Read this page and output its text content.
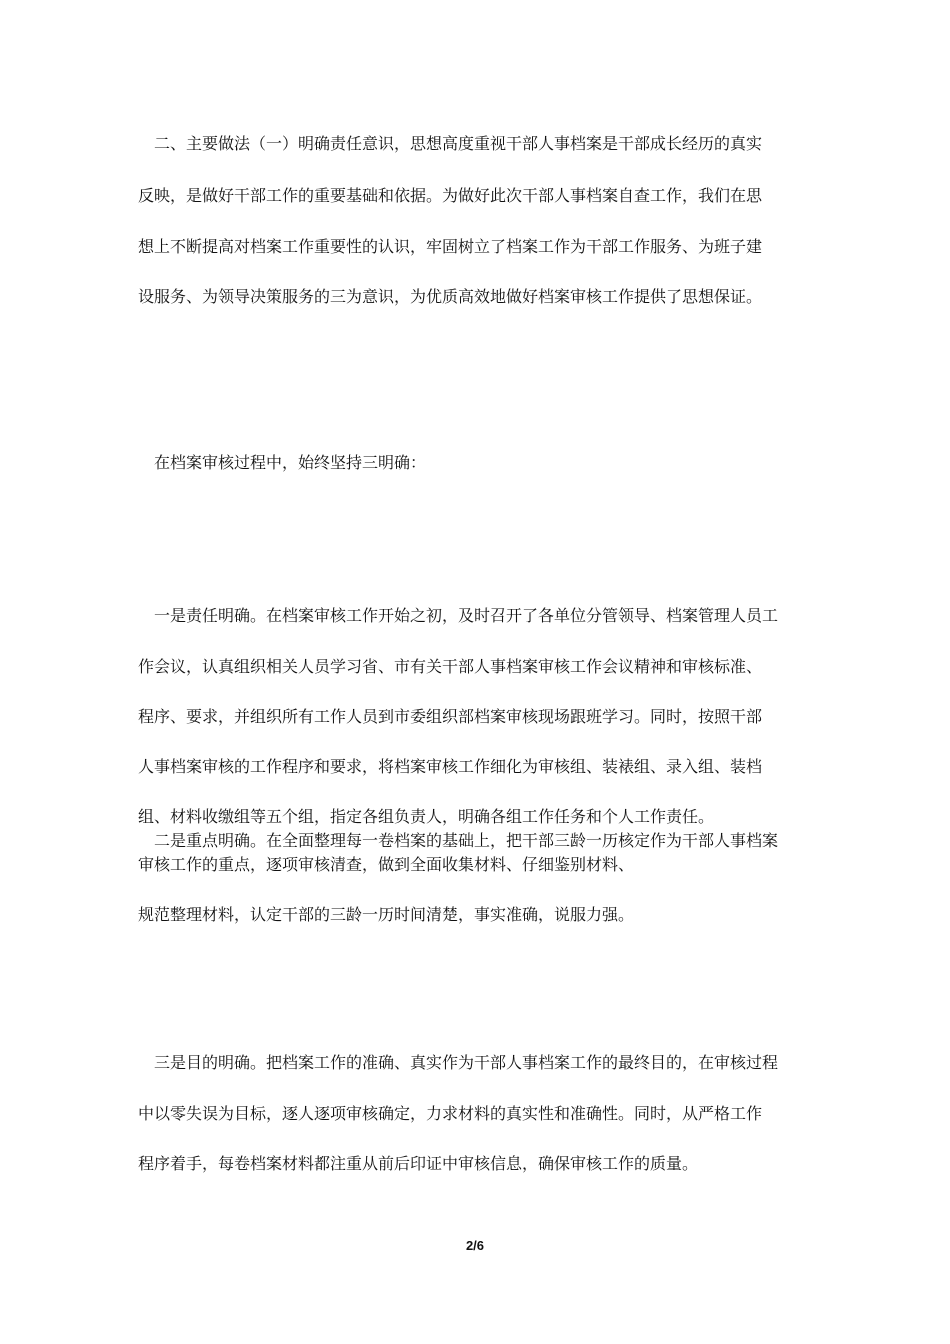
　二、主要做法（一）明确责任意识，思想高度重视干部人事档案是干部成长经历的真实
反映，是做好干部工作的重要基础和依据。为做好此次干部人事档案自查工作，我们在思
想上不断提高对档案工作重要性的认识，牢固树立了档案工作为干部工作服务、为班子建
设服务、为领导决策服务的三为意识，为优质高效地做好档案审核工作提供了思想保证。
　在档案审核过程中，始终坚持三明确：
　一是责任明确。在档案审核工作开始之初，及时召开了各单位分管领导、档案管理人员工
作会议，认真组织相关人员学习省、市有关干部人事档案审核工作会议精神和审核标准、
程序、要求，并组织所有工作人员到市委组织部档案审核现场跟班学习。同时，按照干部
人事档案审核的工作程序和要求，将档案审核工作细化为审核组、装裱组、录入组、装档
组、材料收缴组等五个组，指定各组负责人，明确各组工作任务和个人工作责任。
　二是重点明确。在全面整理每一卷档案的基础上，把干部三龄一历核定作为干部人事档案
审核工作的重点，逐项审核清查，做到全面收集材料、仔细鉴别材料、
规范整理材料，认定干部的三龄一历时间清楚，事实准确，说服力强。
　三是目的明确。把档案工作的准确、真实作为干部人事档案工作的最终目的，在审核过程
中以零失误为目标，逐人逐项审核确定，力求材料的真实性和准确性。同时，从严格工作
程序着手，每卷档案材料都注重从前后印证中审核信息，确保审核工作的质量。
2/6
